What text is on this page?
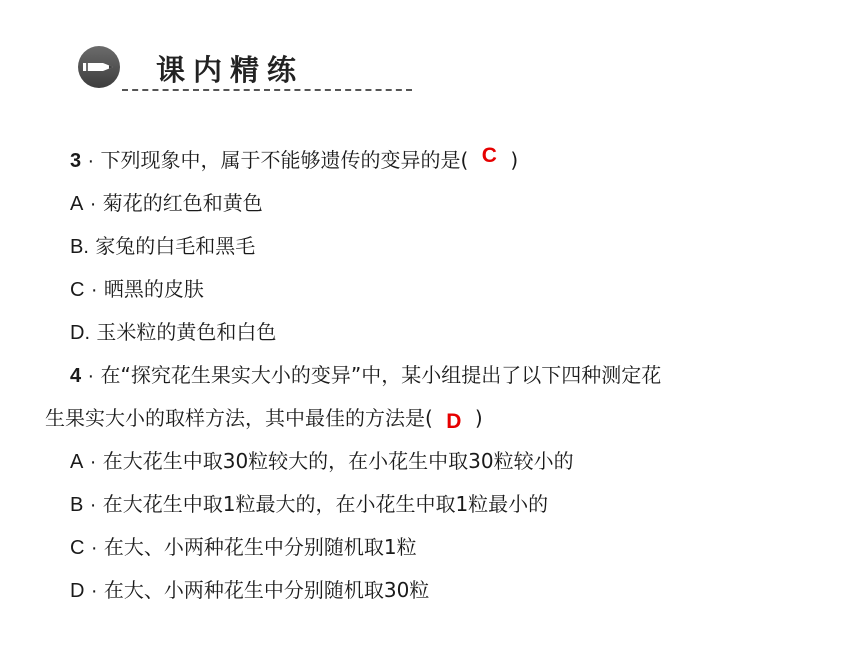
课内精练
3 · 下列现象中，属于不能够遗传的变异的是( C )
A · 菊花的红色和黄色
B. 家兔的白毛和黑毛
C · 晒黑的皮肤
D. 玉米粒的黄色和白色
4 · 在“探究花生果实大小的变异”中，某小组提出了以下四种测定花
生果实大小的取样方法，其中最佳的方法是( D )
A · 在大花生中取30粒较大的，在小花生中取30粒较小的
B · 在大花生中取1粒最大的，在小花生中取1粒最小的
C · 在大、小两种花生中分别随机取1粒
D · 在大、小两种花生中分别随机取30粒
